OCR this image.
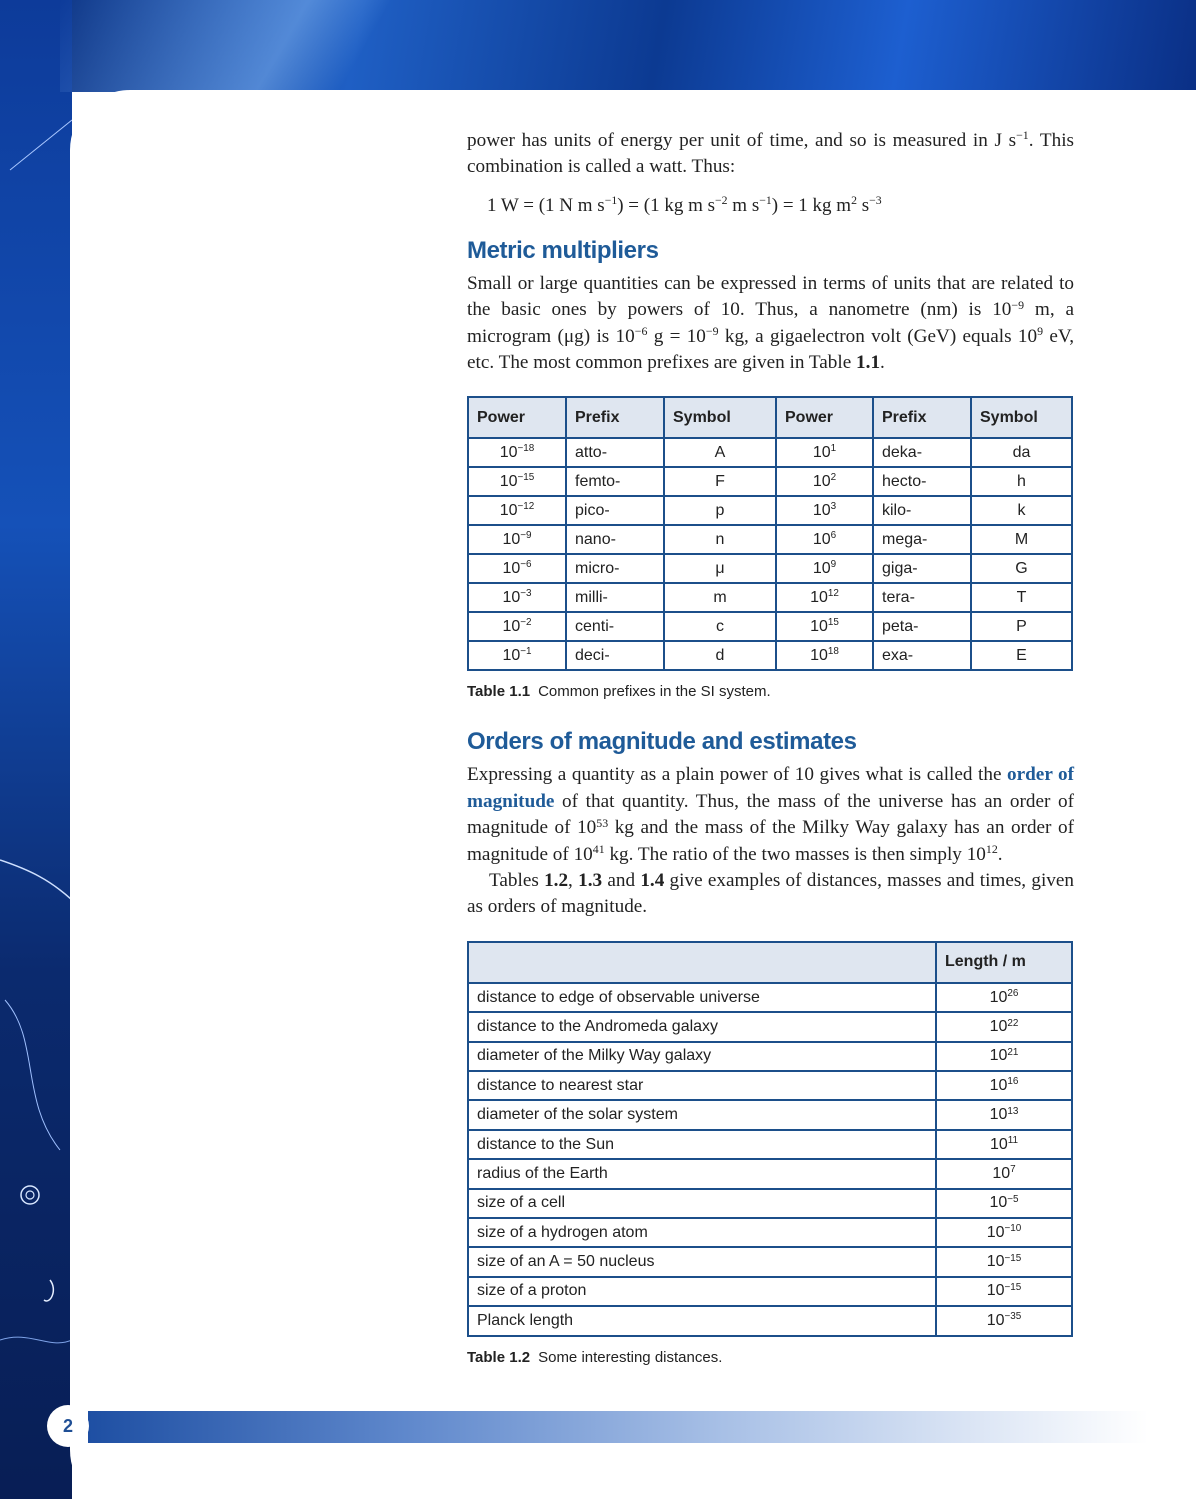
power has units of energy per unit of time, and so is measured in J $s^{-1}$. This combination is called a watt. Thus:

1 W = (1 N m $s^{-1}) = (1$ kg m $s^{-2}$ m $s^{-1}) = 1$ kg $m^2$ $s^{-3}$
Metric multipliers

Small or large quantities can be expressed in terms of units that are related to the basic ones by powers of 10. Thus, a nanometre (nm) is $10^{-9}$ m, a microgram (μg) is $10^{-6}$ $g = 10^{-9}$ kg, a gigaelectron volt (GeV) equals $10^9$ eV, etc. The most common prefixes are given in Table 1.1.

Power	Prefix	Symbol	Power	Prefix	Symbol
$10^{-18}$	atto-	A	$10^1$	deka-	da
$10^{-15}$	femto-	F	$10^2$	hecto-	h
$10^{-12}$	pico-	p	$10^3$	kilo-	k
$10^{-9}$	nano-	n	$10^6$	mega-	M
$10^{-6}$	micro-	μ	$10^9$	giga-	G
$10^{-3}$	milli-	m	$10^{12}$	tera-	T
$10^{-2}$	centi-	c	$10^{15}$	peta-	P
$10^{-1}$	deci-	d	$10^{18}$	exa-	E
Table 1.1 Common prefixes in the SI system.
Orders of magnitude and estimates

Expressing a quantity as a plain power of 10 gives what is called the order of magnitude of that quantity. Thus, the mass of the universe has an order of magnitude of $10^{53}$ kg and the mass of the Milky Way galaxy has an order of magnitude of $10^{41}$ kg. The ratio of the two masses is then simply $10^{12}$.

Tables 1.2, 1.3 and 1.4 give examples of distances, masses and times, given as orders of magnitude.

	Length / m
distance to edge of observable universe	$10^{26}$
distance to the Andromeda galaxy	$10^{22}$
diameter of the Milky Way galaxy	$10^{21}$
distance to nearest star	$10^{16}$
diameter of the solar system	$10^{13}$
distance to the Sun	$10^{11}$
radius of the Earth	$10^7$
size of a cell	$10^{-5}$
size of a hydrogen atom	$10^{-10}$
size of an A = 50 nucleus	$10^{-15}$
size of a proton	$10^{-15}$
Planck length	$10^{-35}$
Table 1.2 Some interesting distances.
2
